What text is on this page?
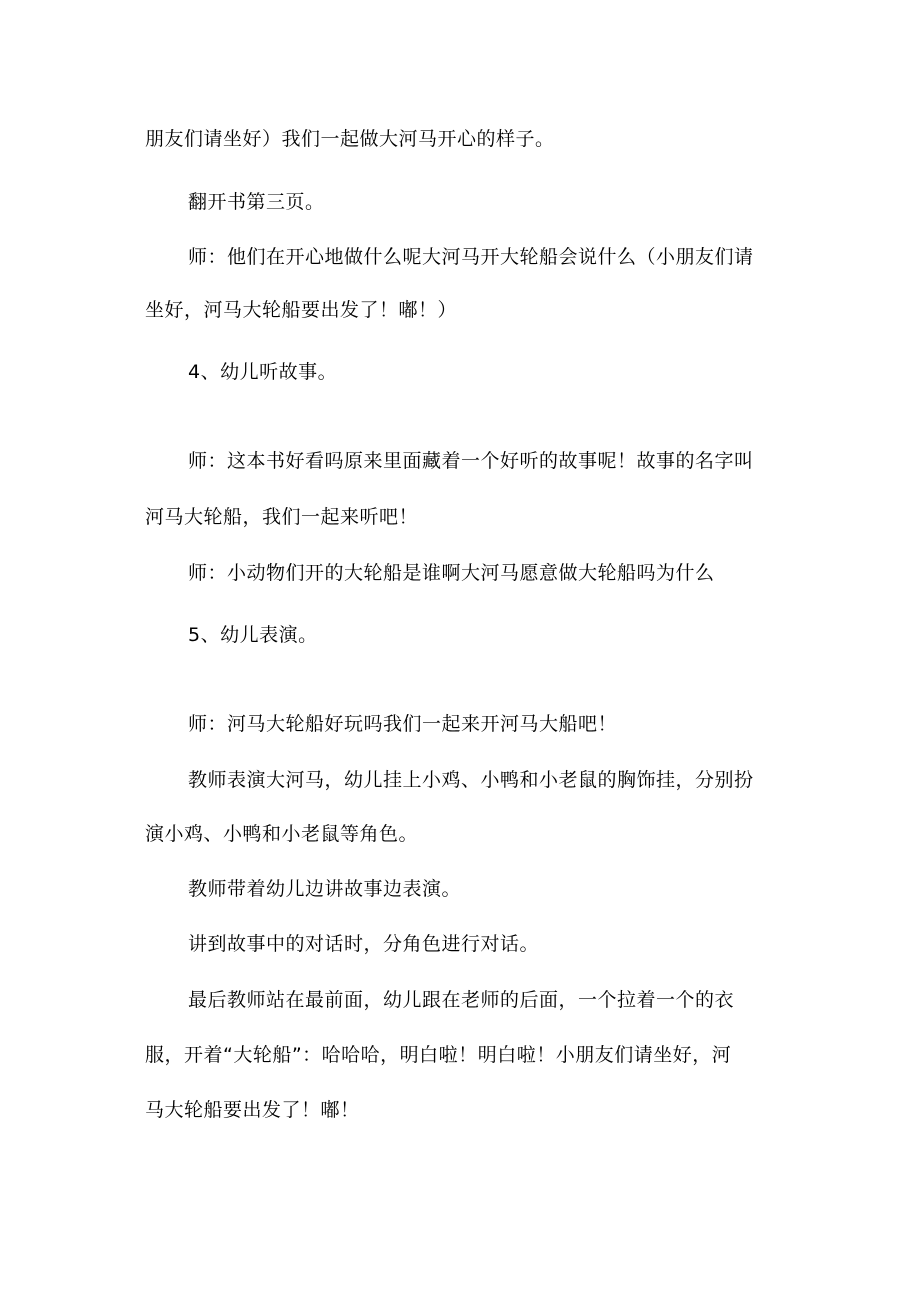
朋友们请坐好）我们一起做大河马开心的样子。
翻开书第三页。
师：他们在开心地做什么呢大河马开大轮船会说什么（小朋友们请
坐好，河马大轮船要出发了！嘟！）
4、幼儿听故事。
师：这本书好看吗原来里面藏着一个好听的故事呢！故事的名字叫
河马大轮船，我们一起来听吧！
师：小动物们开的大轮船是谁啊大河马愿意做大轮船吗为什么
5、幼儿表演。
师：河马大轮船好玩吗我们一起来开河马大船吧！
教师表演大河马，幼儿挂上小鸡、小鸭和小老鼠的胸饰挂，分别扮
演小鸡、小鸭和小老鼠等角色。
教师带着幼儿边讲故事边表演。
讲到故事中的对话时，分角色进行对话。
最后教师站在最前面，幼儿跟在老师的后面，一个拉着一个的衣
服，开着“大轮船”：哈哈哈，明白啦！明白啦！小朋友们请坐好，河
马大轮船要出发了！嘟！
